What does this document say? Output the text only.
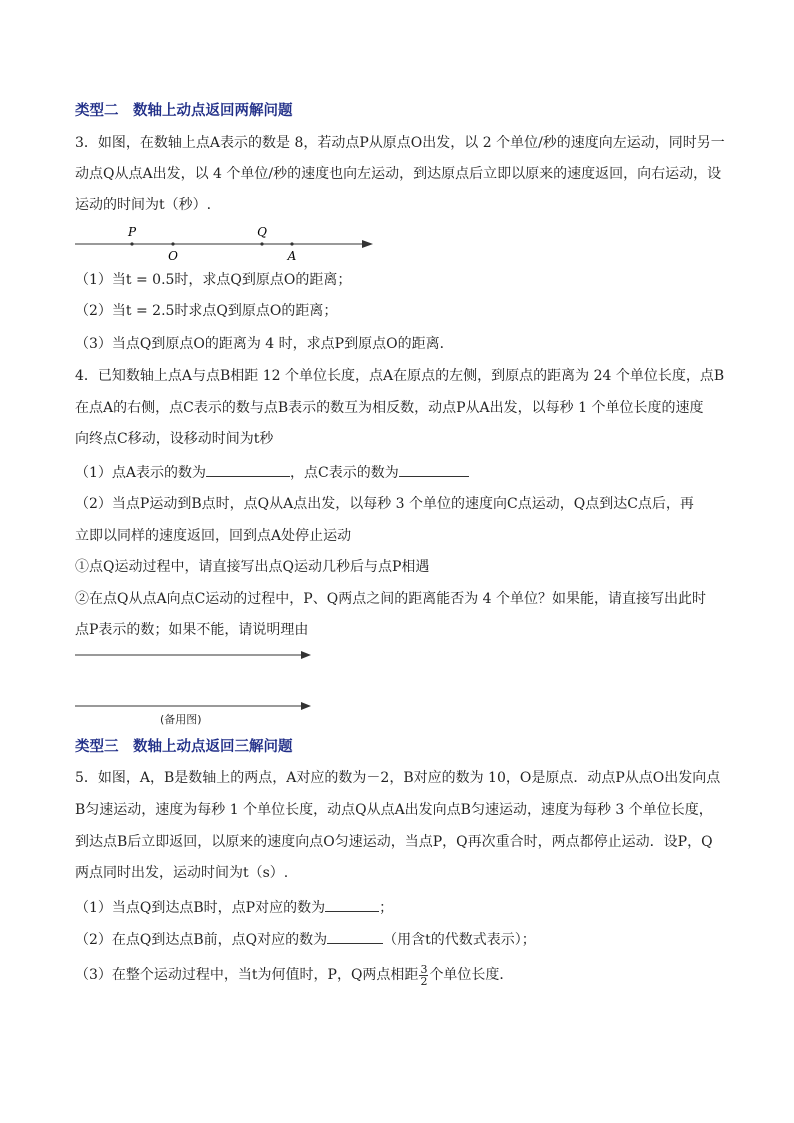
类型二　数轴上动点返回两解问题
3．如图，在数轴上点A表示的数是 8，若动点P从原点O出发，以 2 个单位/秒的速度向左运动，同时另一
动点Q从点A出发，以 4 个单位/秒的速度也向左运动，到达原点后立即以原来的速度返回，向右运动，设
运动的时间为t（秒）.
P
O
Q
A
（1）当t = 0.5时，求点Q到原点O的距离；
（2）当t = 2.5时求点Q到原点O的距离；
（3）当点Q到原点O的距离为 4 时，求点P到原点O的距离．
4．已知数轴上点A与点B相距 12 个单位长度，点A在原点的左侧，到原点的距离为 24 个单位长度，点B
在点A的右侧，点C表示的数与点B表示的数互为相反数，动点P从A出发，以每秒 1 个单位长度的速度
向终点C移动，设移动时间为t秒
（1）点A表示的数为	，点C表示的数为
（2）当点P运动到B点时，点Q从A点出发，以每秒 3 个单位的速度向C点运动，Q点到达C点后，再
立即以同样的速度返回，回到点A处停止运动
①点Q运动过程中，请直接写出点Q运动几秒后与点P相遇
②在点Q从点A向点C运动的过程中，P、Q两点之间的距离能否为 4 个单位？如果能，请直接写出此时
点P表示的数；如果不能，请说明理由
(备用图)
类型三　数轴上动点返回三解问题
5．如图，A，B是数轴上的两点，A对应的数为－2，B对应的数为 10，O是原点．动点P从点O出发向点
B匀速运动，速度为每秒 1 个单位长度，动点Q从点A出发向点B匀速运动，速度为每秒 3 个单位长度，
到达点B后立即返回，以原来的速度向点O匀速运动，当点P，Q再次重合时，两点都停止运动．设P，Q
两点同时出发，运动时间为t（s）.
（1）当点Q到达点B时，点P对应的数为	；
（2）在点Q到达点B前，点Q对应的数为	（用含t的代数式表示）；
（3）在整个运动过程中，当t为何值时，P，Q两点相距 $\frac{3}{2}$ 个单位长度．
